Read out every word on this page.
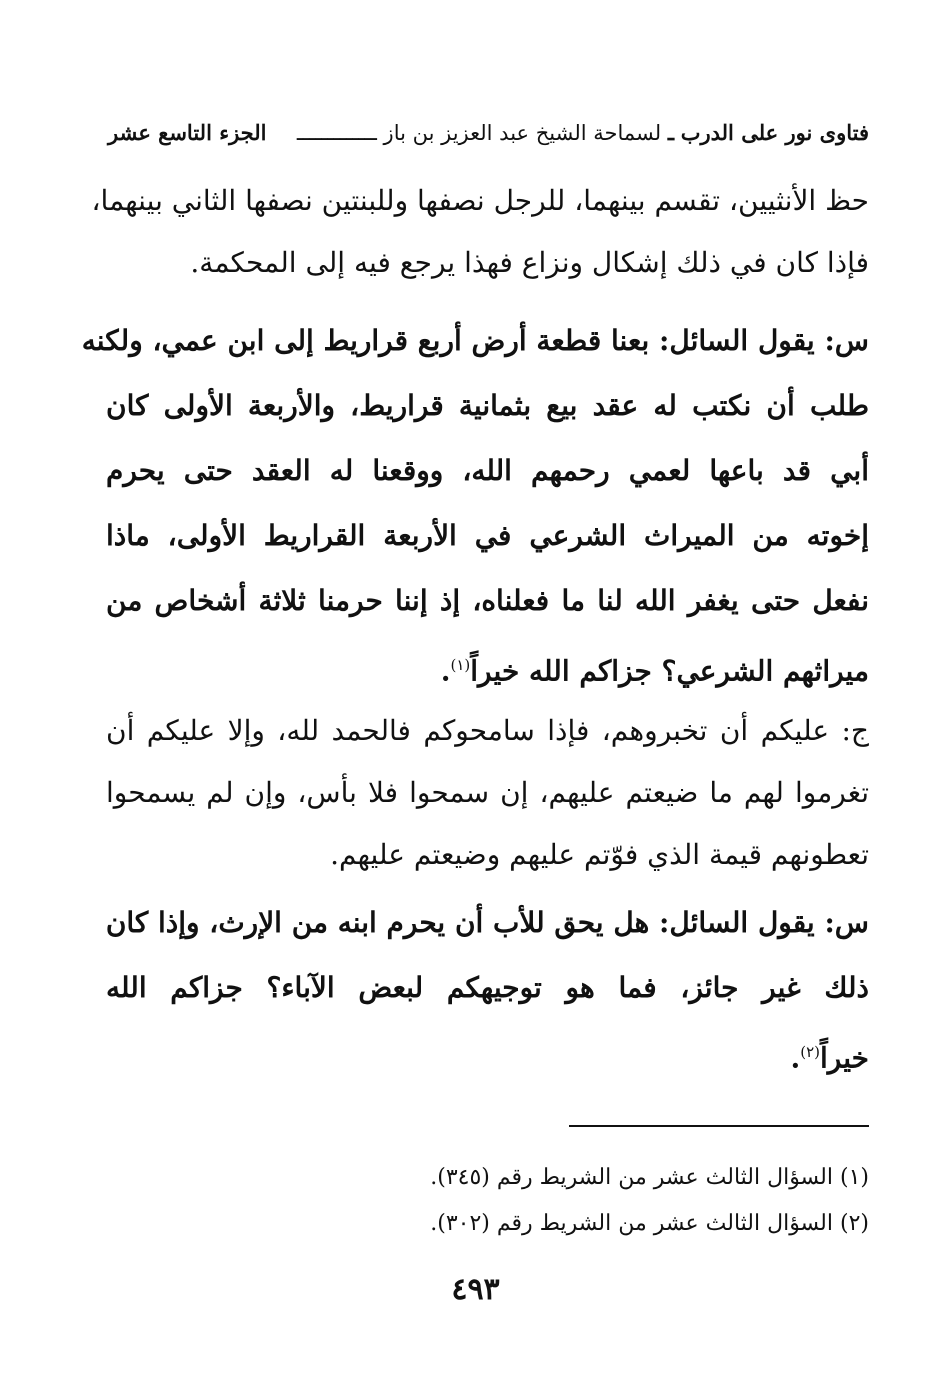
فتاوى نور على الدرب ـ لسماحة الشيخ عبد العزيز بن باز ـــــــــــــ
الجزء التاسع عشر
حظ الأنثيين، تقسم بينهما، للرجل نصفها وللبنتين نصفها الثاني بينهما،
فإذا كان في ذلك إشكال ونزاع فهذا يرجع فيه إلى المحكمة.
س: يقول السائل: بعنا قطعة أرض أربع قراريط إلى ابن عمي، ولكنه
طلب أن نكتب له عقد بيع بثمانية قراريط، والأربعة الأولى كان
أبي قد باعها لعمي رحمهم الله، ووقعنا له العقد حتى يحرم
إخوته من الميراث الشرعي في الأربعة القراريط الأولى، ماذا
نفعل حتى يغفر الله لنا ما فعلناه، إذ إننا حرمنا ثلاثة أشخاص من
ميراثهم الشرعي؟ جزاكم الله خيراً$^{(١)}$.
ج: عليكم أن تخبروهم، فإذا سامحوكم فالحمد لله، وإلا عليكم أن
تغرموا لهم ما ضيعتم عليهم، إن سمحوا فلا بأس، وإن لم يسمحوا
تعطونهم قيمة الذي فوّتم عليهم وضيعتم عليهم.
س: يقول السائل: هل يحق للأب أن يحرم ابنه من الإرث، وإذا كان
ذلك غير جائز، فما هو توجيهكم لبعض الآباء؟ جزاكم الله
خيراً$^{(٢)}$.
(١) السؤال الثالث عشر من الشريط رقم (٣٤٥).
(٢) السؤال الثالث عشر من الشريط رقم (٣٠٢).
٤٩٣
